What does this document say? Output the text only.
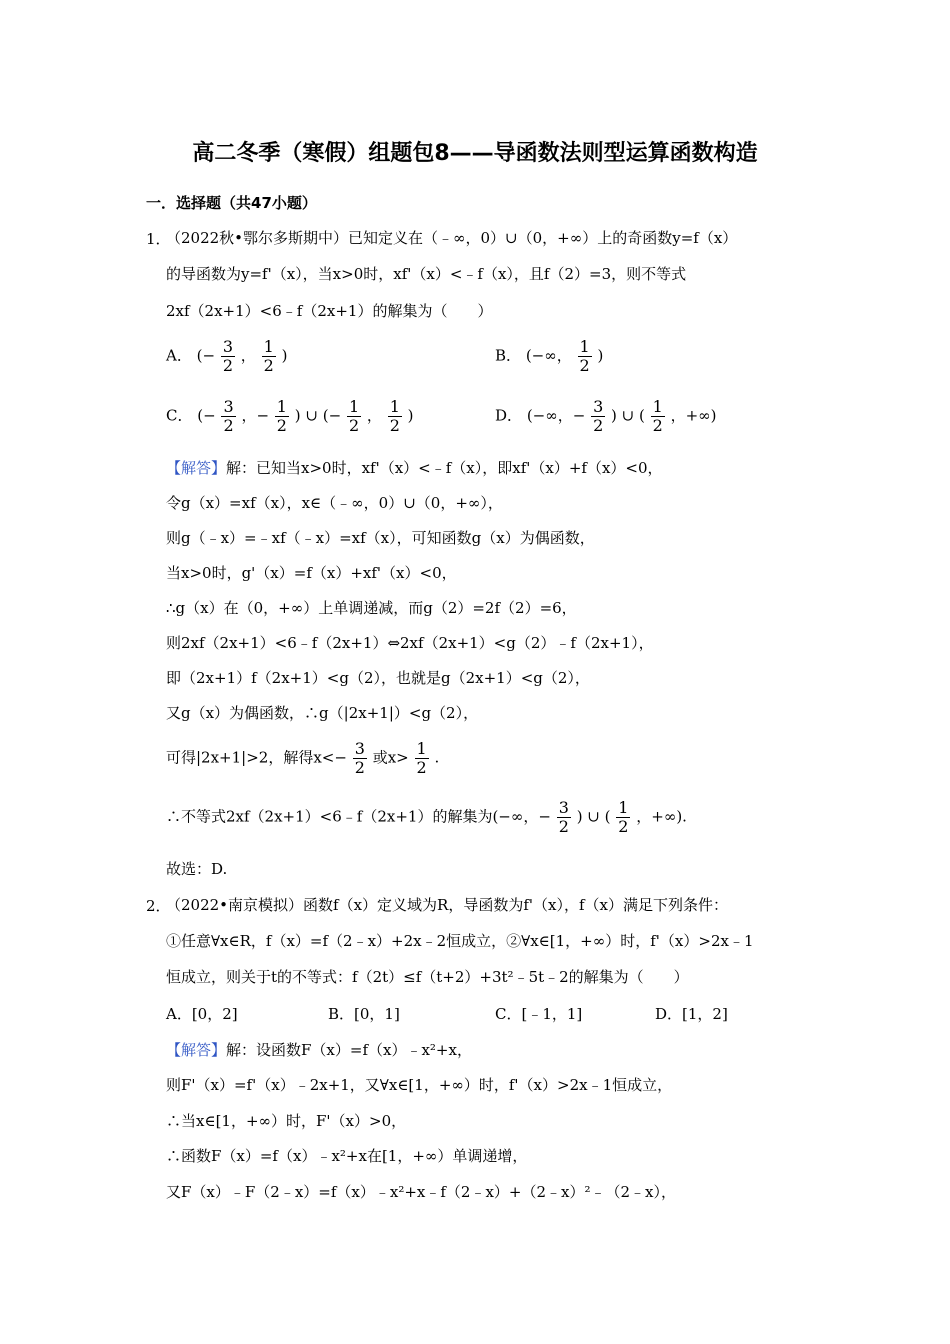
高二冬季（寒假）组题包8——导函数法则型运算函数构造
一．选择题（共47小题）
1．
（2022秋•鄂尔多斯期中）已知定义在（﹣∞，0）∪（0，+∞）上的奇函数y=f（x）
的导函数为y=f'（x），当x>0时，xf'（x）<﹣f（x），且f（2）=3，则不等式
2xf（2x+1）<6﹣f（2x+1）的解集为（　　）
A． (− $\frac{3}{2}$ ， $\frac{1}{2}$ )	B． (−∞， $\frac{1}{2}$ )
C． (− $\frac{3}{2}$ ，− $\frac{1}{2}$ ) ∪ (− $\frac{1}{2}$ ， $\frac{1}{2}$ )	D． (−∞，− $\frac{3}{2}$ ) ∪ ( $\frac{1}{2}$ ，+∞)
【解答】解：已知当x>0时，xf'（x）<﹣f（x），即xf'（x）+f（x）<0，
令g（x）=xf（x），x∈（﹣∞，0）∪（0，+∞），
则g（﹣x）=﹣xf（﹣x）=xf（x），可知函数g（x）为偶函数，
当x>0时，g'（x）=f（x）+xf'（x）<0，
∴g（x）在（0，+∞）上单调递减，而g（2）=2f（2）=6，
则2xf（2x+1）<6﹣f（2x+1）⇔2xf（2x+1）<g（2）﹣f（2x+1），
即（2x+1）f（2x+1）<g（2），也就是g（2x+1）<g（2），
又g（x）为偶函数，∴g（|2x+1|）<g（2），
可得|2x+1|>2，解得$x<- \frac{3}{2}$ 或$x> \frac{1}{2}$ .
∴不等式2xf（2x+1）<6﹣f（2x+1）的解集为(−∞，− $\frac{3}{2}$ ) ∪ ( $\frac{1}{2}$ ，+∞).
故选：D.
2．
（2022•南京模拟）函数f（x）定义域为R，导函数为f'（x），f（x）满足下列条件：
①任意∀x∈R，f（x）=f（2﹣x）+2x﹣2恒成立，②∀x∈[1，+∞）时，f'（x）>2x﹣1
恒成立，则关于t的不等式：f（2t）≤f（t+2）+3t²﹣5t﹣2的解集为（　　）
A．[0，2]	B．[0，1]	C．[﹣1，1]	D．[1，2]
【解答】解：设函数F（x）=f（x）﹣x²+x，
则F'（x）=f'（x）﹣2x+1，又∀x∈[1，+∞）时，f'（x）>2x﹣1恒成立，
∴当x∈[1，+∞）时，F'（x）>0，
∴函数F（x）=f（x）﹣x²+x在[1，+∞）单调递增，
又F（x）﹣F（2﹣x）=f（x）﹣x²+x﹣f（2﹣x）+（2﹣x）²﹣（2﹣x），
